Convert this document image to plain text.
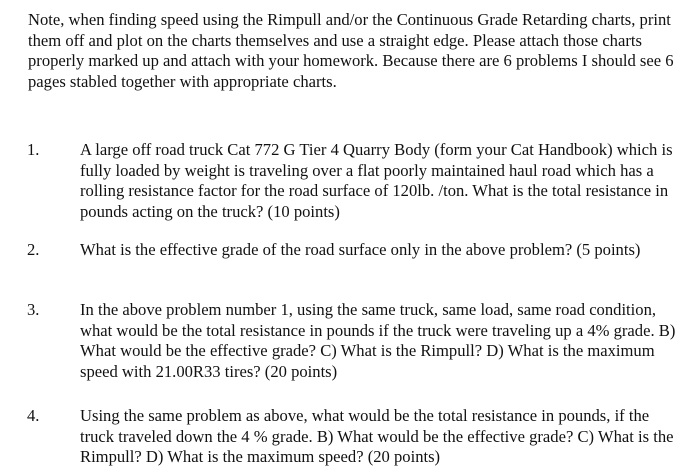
Note, when finding speed using the Rimpull and/or the Continuous Grade Retarding charts, print them off and plot on the charts themselves and use a straight edge. Please attach those charts properly marked up and attach with your homework. Because there are 6 problems I should see 6 pages stabled together with appropriate charts.

1. A large off road truck Cat 772 G Tier 4 Quarry Body (form your Cat Handbook) which is fully loaded by weight is traveling over a flat poorly maintained haul road which has a rolling resistance factor for the road surface of 120lb. /ton. What is the total resistance in pounds acting on the truck? (10 points)

2. What is the effective grade of the road surface only in the above problem? (5 points)

3. In the above problem number 1, using the same truck, same load, same road condition, what would be the total resistance in pounds if the truck were traveling up a 4% grade. B) What would be the effective grade? C) What is the Rimpull? D) What is the maximum speed with 21.00R33 tires? (20 points)

4. Using the same problem as above, what would be the total resistance in pounds, if the truck traveled down the 4 % grade. B) What would be the effective grade? C) What is the Rimpull? D) What is the maximum speed? (20 points)
